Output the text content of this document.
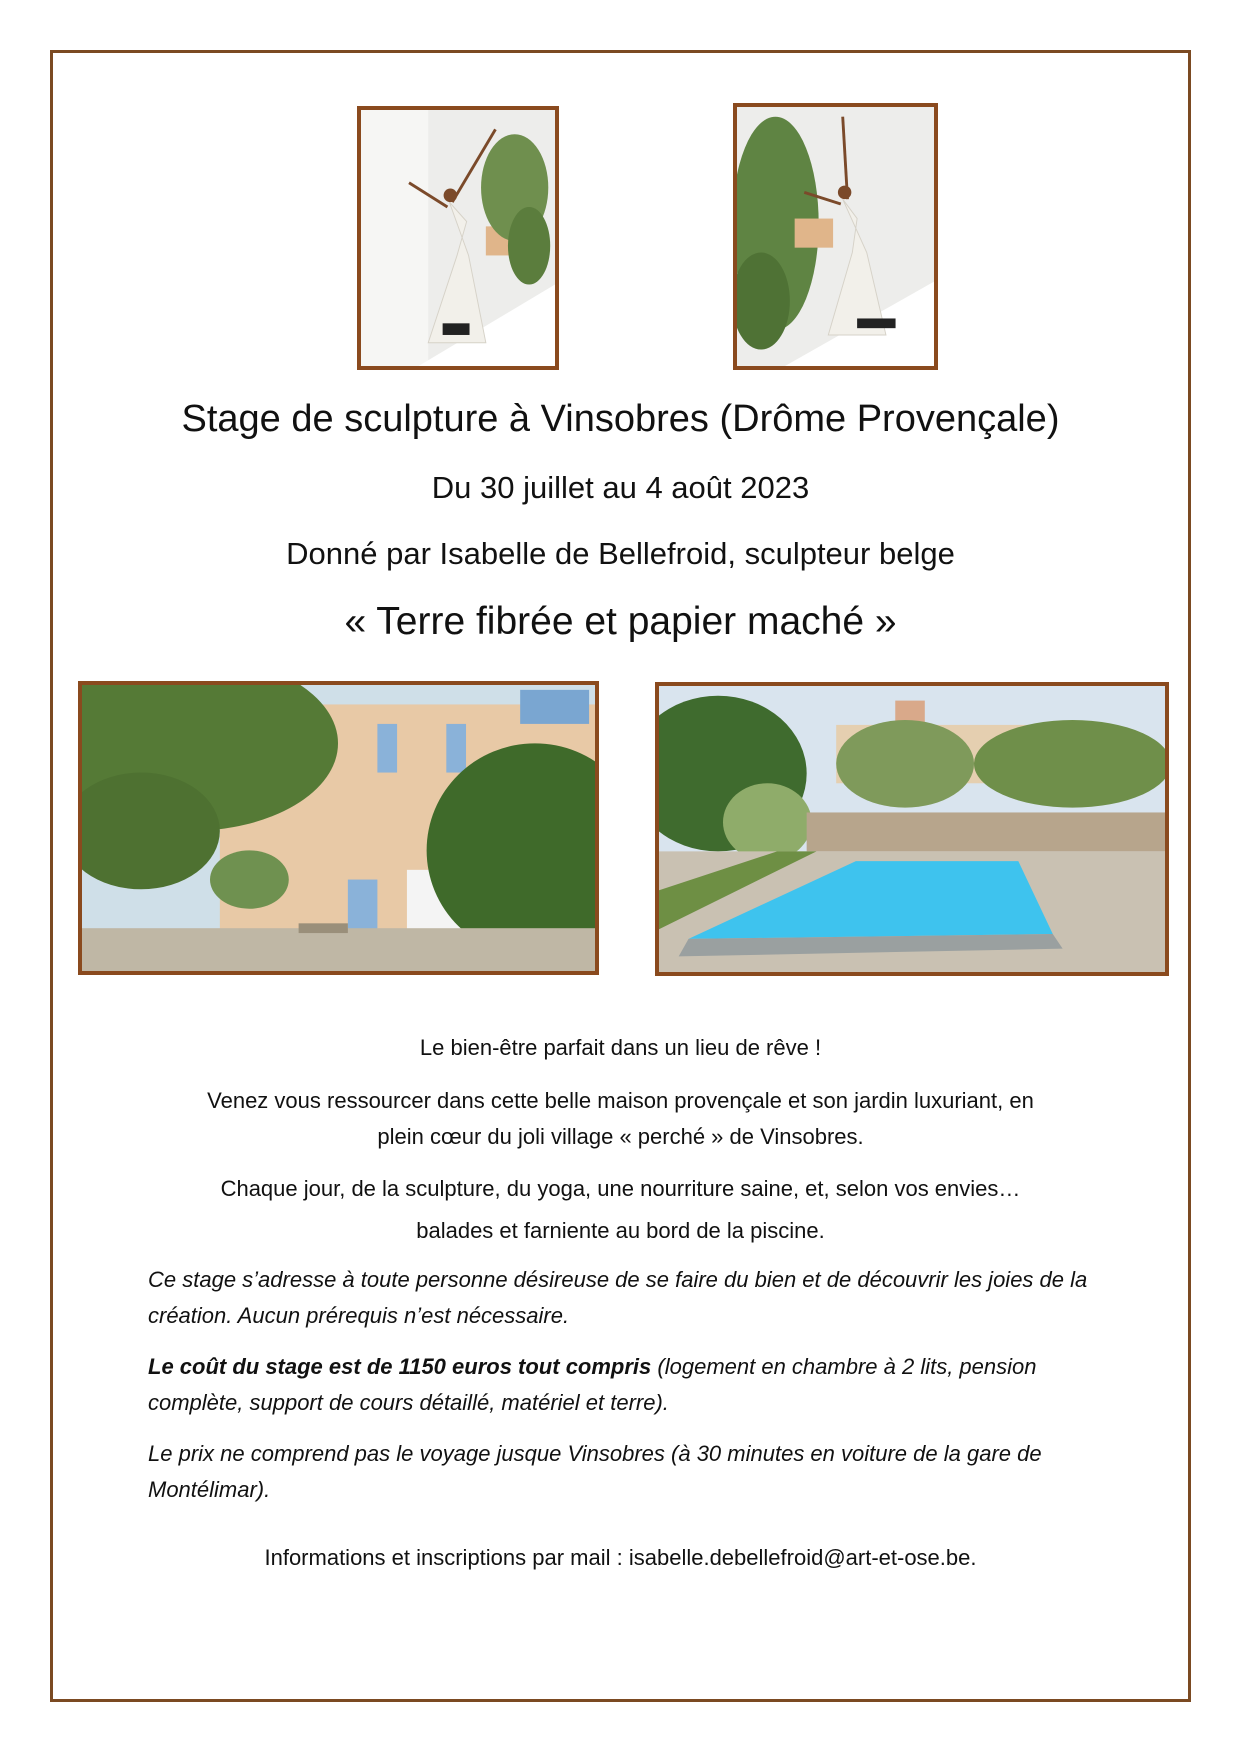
Stage de sculpture à Vinsobres (Drôme Provençale)

Du 30 juillet au 4 août 2023

Donné par Isabelle de Bellefroid, sculpteur belge

« Terre fibrée et papier maché »

Le bien-être parfait dans un lieu de rêve !

Venez vous ressourcer dans cette belle maison provençale et son jardin luxuriant, en

plein cœur du joli village « perché » de Vinsobres.

Chaque jour, de la sculpture, du yoga, une nourriture saine, et, selon vos envies…

balades et farniente au bord de la piscine.

Ce stage s’adresse à toute personne désireuse de se faire du bien et de découvrir les joies de la création. Aucun prérequis n’est nécessaire.

Le coût du stage est de 1150 euros tout compris (logement en chambre à 2 lits, pension complète, support de cours détaillé, matériel et terre).

Le prix ne comprend pas le voyage jusque Vinsobres (à 30 minutes en voiture de la gare de Montélimar).

Informations et inscriptions par mail : isabelle.debellefroid@art-et-ose.be.
